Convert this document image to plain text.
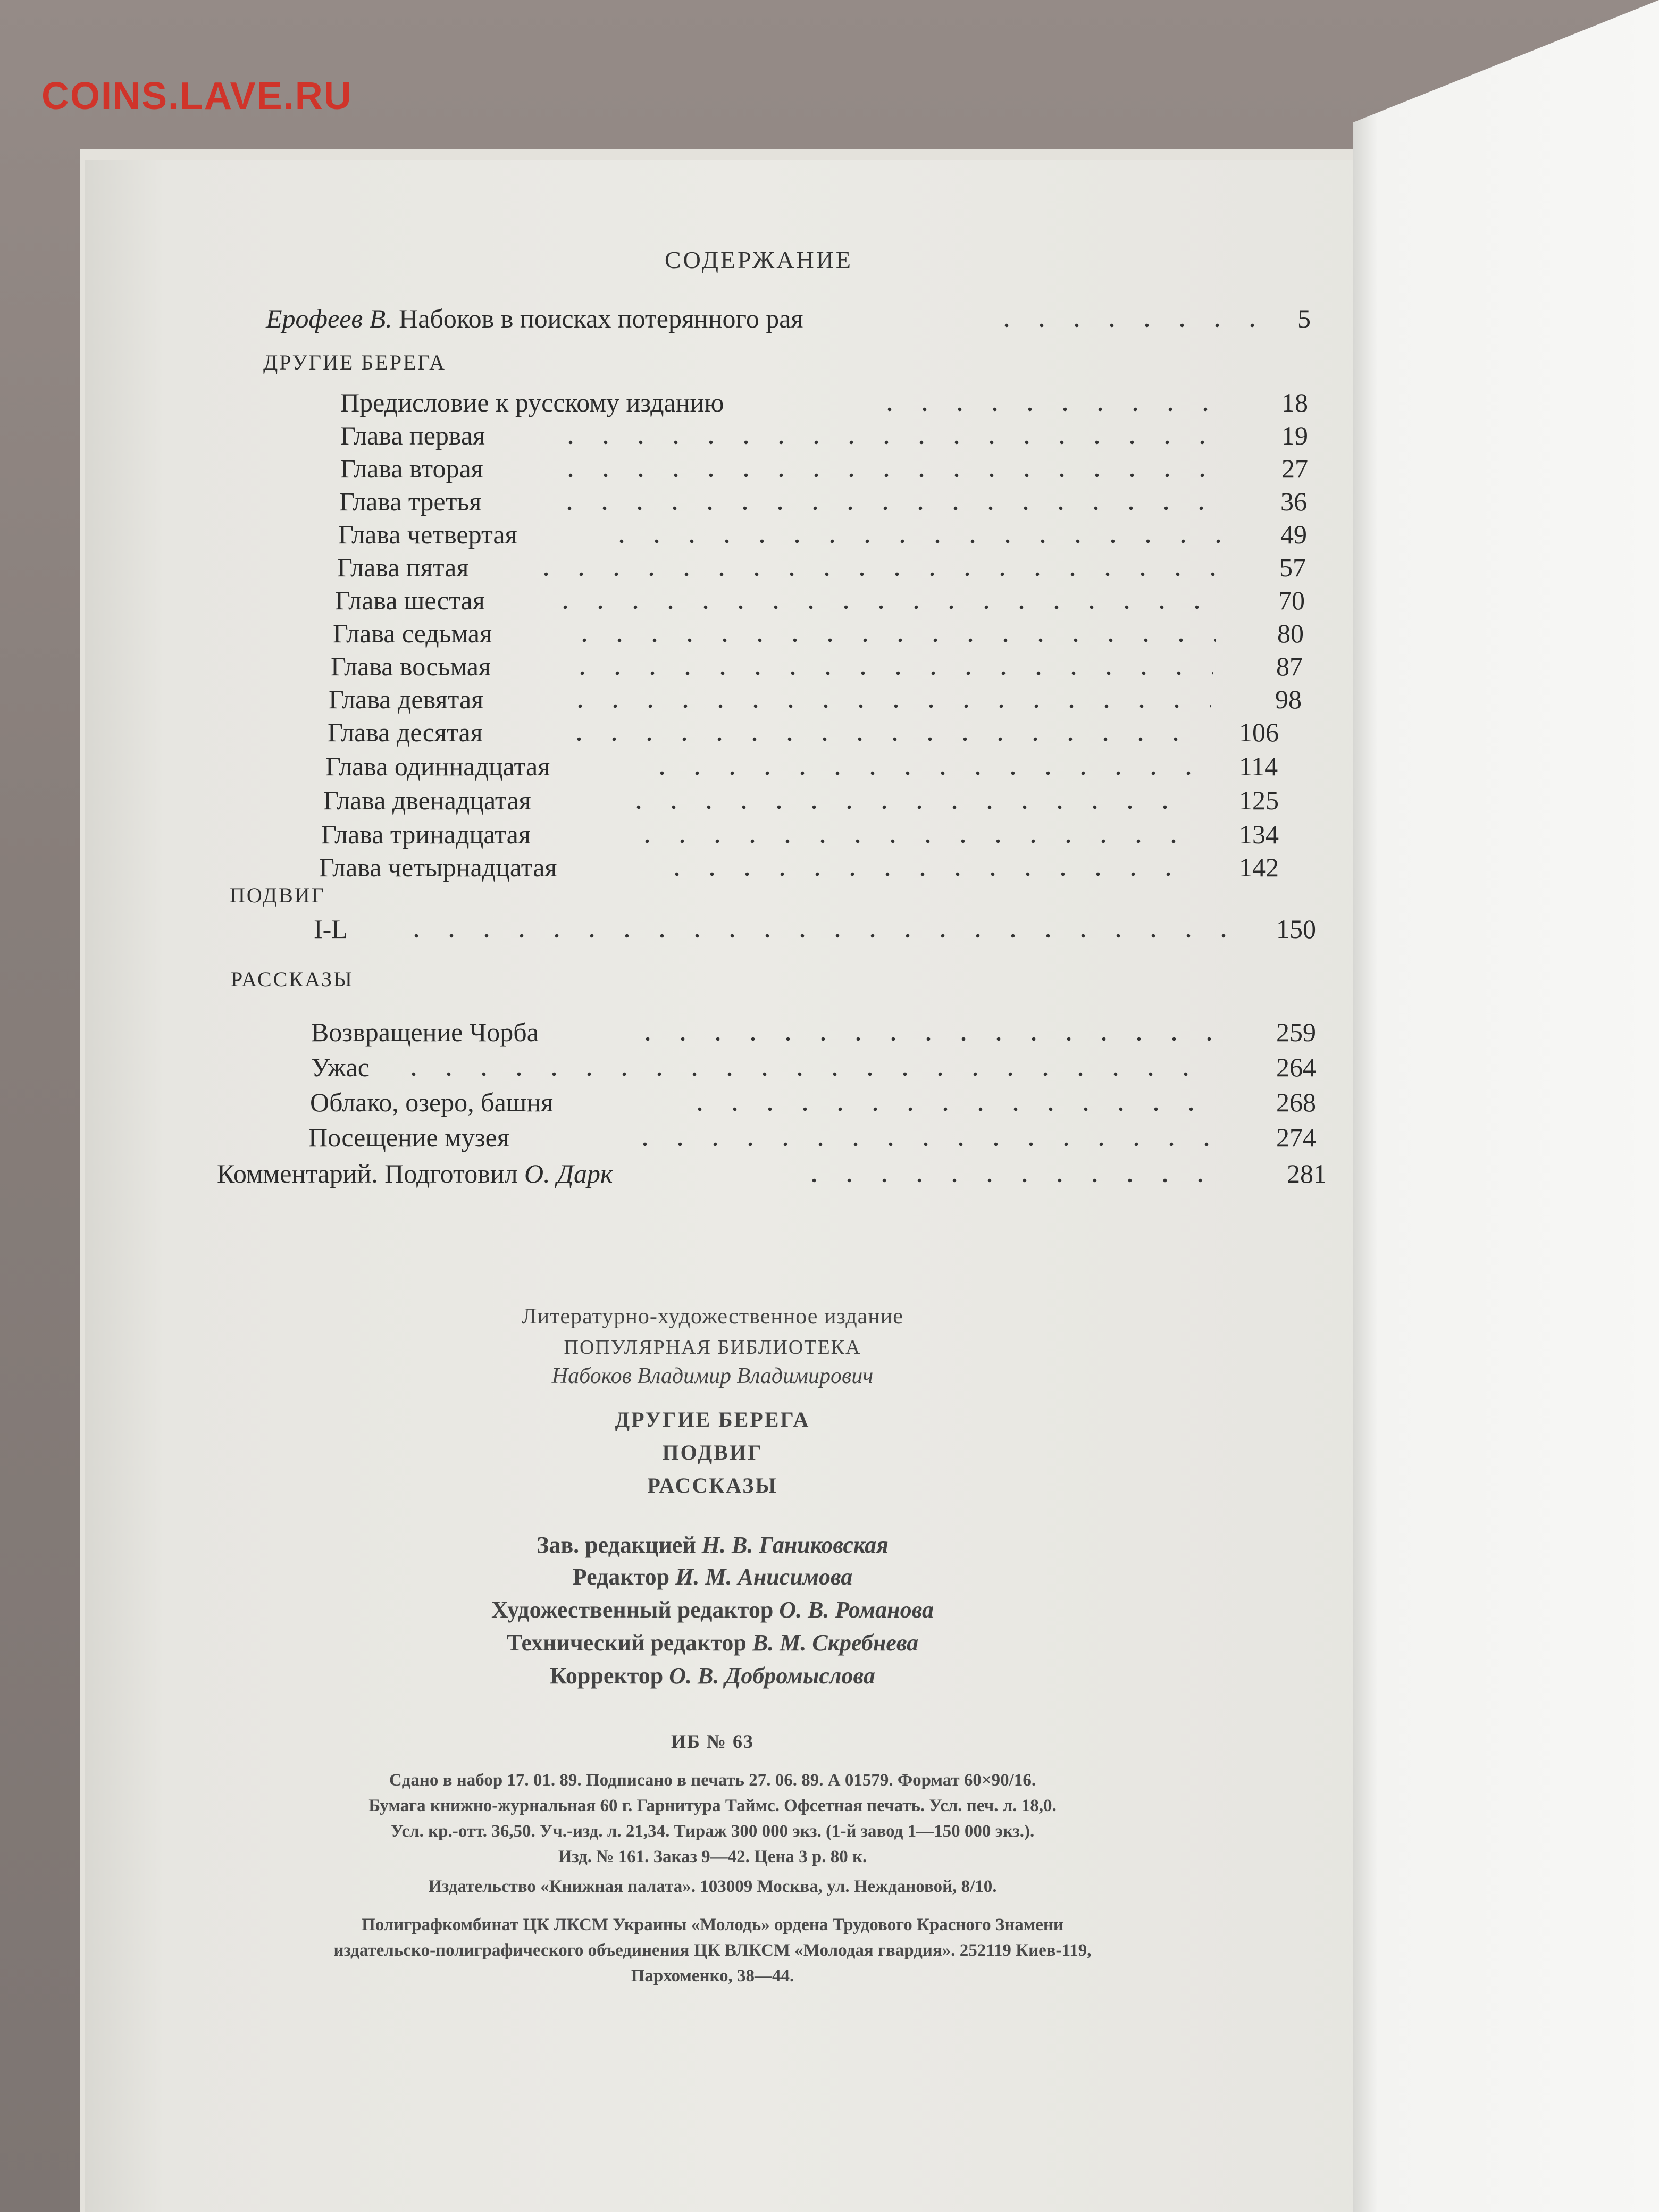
COINS.LAVE.RU
СОДЕРЖАНИЕ
Ерофеев В. Набоков в поисках потерянного рая	5
ДРУГИЕ БЕРЕГА
Предисловие к русскому изданию	18
Глава первая	19
Глава вторая	27
Глава третья	36
Глава четвертая	49
Глава пятая	57
Глава шестая	70
Глава седьмая	80
Глава восьмая	87
Глава девятая	98
Глава десятая	106
Глава одиннадцатая	114
Глава двенадцатая	125
Глава тринадцатая	134
Глава четырнадцатая	142
ПОДВИГ
I-L	150
РАССКАЗЫ
Возвращение Чорба	259
Ужас	264
Облако, озеро, башня	268
Посещение музея	274
Комментарий. Подготовил О. Дарк	281
Литературно-художественное издание
ПОПУЛЯРНАЯ БИБЛИОТЕКА
Набоков Владимир Владимирович
ДРУГИЕ БЕРЕГА
ПОДВИГ
РАССКАЗЫ
Зав. редакцией Н. В. Ганиковская
Редактор И. М. Анисимова
Художественный редактор О. В. Романова
Технический редактор В. М. Скребнева
Корректор О. В. Добромыслова
ИБ № 63
Сдано в набор 17. 01. 89. Подписано в печать 27. 06. 89. А 01579. Формат 60×90/16.
Бумага книжно-журнальная 60 г. Гарнитура Таймс. Офсетная печать. Усл. печ. л. 18,0.
Усл. кр.-отт. 36,50. Уч.-изд. л. 21,34. Тираж 300 000 экз. (1-й завод 1—150 000 экз.).
Изд. № 161. Заказ 9—42. Цена 3 р. 80 к.
Издательство «Книжная палата». 103009 Москва, ул. Неждановой, 8/10.
Полиграфкомбинат ЦК ЛКСМ Украины «Молодь» ордена Трудового Красного Знамени
издательско-полиграфического объединения ЦК ВЛКСМ «Молодая гвардия». 252119 Киев-119,
Пархоменко, 38—44.
